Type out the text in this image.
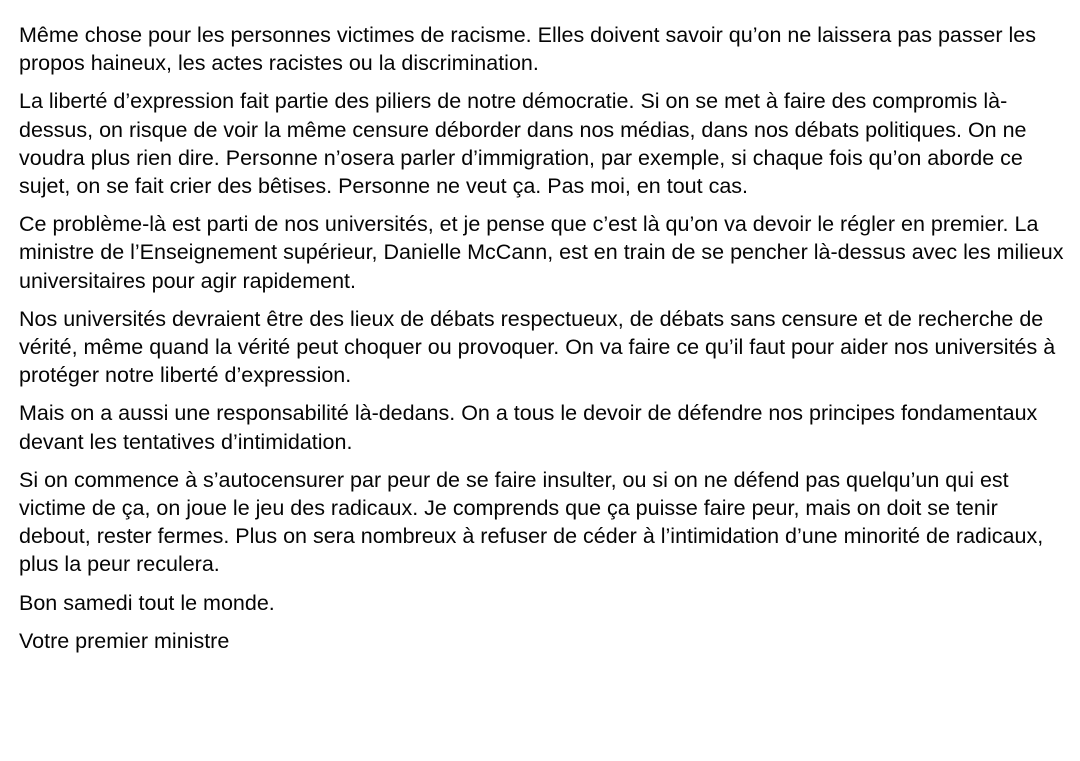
Même chose pour les personnes victimes de racisme. Elles doivent savoir qu’on ne laissera pas passer les propos haineux, les actes racistes ou la discrimination.

La liberté d’expression fait partie des piliers de notre démocratie. Si on se met à faire des compromis là-dessus, on risque de voir la même censure déborder dans nos médias, dans nos débats politiques. On ne voudra plus rien dire. Personne n’osera parler d’immigration, par exemple, si chaque fois qu’on aborde ce sujet, on se fait crier des bêtises. Personne ne veut ça. Pas moi, en tout cas.

Ce problème-là est parti de nos universités, et je pense que c’est là qu’on va devoir le régler en premier. La ministre de l’Enseignement supérieur, Danielle McCann, est en train de se pencher là-dessus avec les milieux universitaires pour agir rapidement.

Nos universités devraient être des lieux de débats respectueux, de débats sans censure et de recherche de vérité, même quand la vérité peut choquer ou provoquer. On va faire ce qu’il faut pour aider nos universités à protéger notre liberté d’expression.

Mais on a aussi une responsabilité là-dedans. On a tous le devoir de défendre nos principes fondamentaux devant les tentatives d’intimidation.

Si on commence à s’autocensurer par peur de se faire insulter, ou si on ne défend pas quelqu’un qui est victime de ça, on joue le jeu des radicaux. Je comprends que ça puisse faire peur, mais on doit se tenir debout, rester fermes. Plus on sera nombreux à refuser de céder à l’intimidation d’une minorité de radicaux, plus la peur reculera.

Bon samedi tout le monde.

Votre premier ministre
